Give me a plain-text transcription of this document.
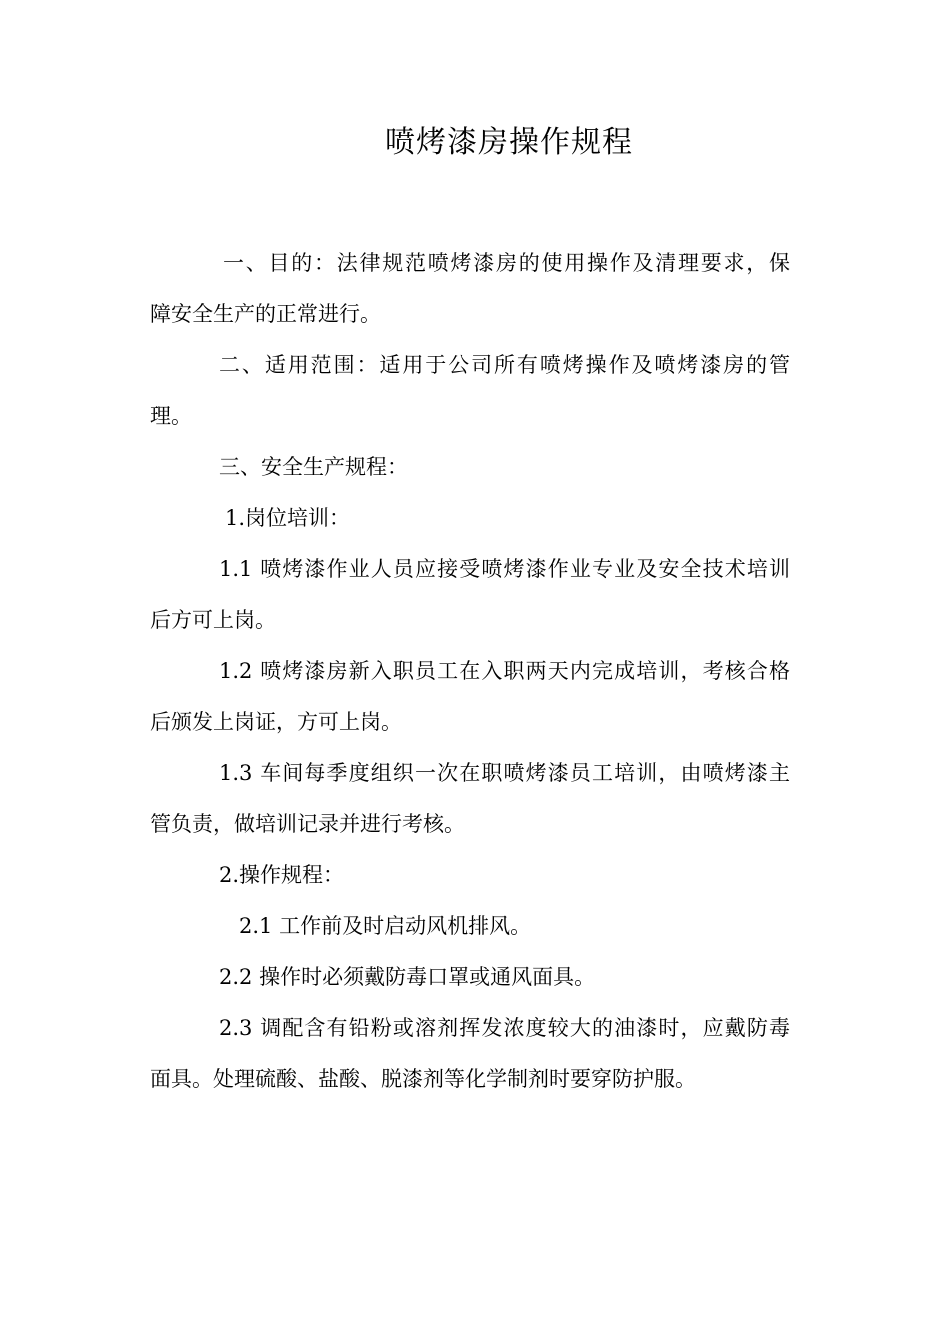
喷烤漆房操作规程
一、目的：法律规范喷烤漆房的使用操作及清理要求，保
障安全生产的正常进行。
二、适用范围：适用于公司所有喷烤操作及喷烤漆房的管
理。
三、安全生产规程：
1.岗位培训：
1.1 喷烤漆作业人员应接受喷烤漆作业专业及安全技术培训
后方可上岗。
1.2 喷烤漆房新入职员工在入职两天内完成培训，考核合格
后颁发上岗证，方可上岗。
1.3 车间每季度组织一次在职喷烤漆员工培训，由喷烤漆主
管负责，做培训记录并进行考核。
2.操作规程：
2.1 工作前及时启动风机排风。
2.2 操作时必须戴防毒口罩或通风面具。
2.3 调配含有铅粉或溶剂挥发浓度较大的油漆时，应戴防毒
面具。处理硫酸、盐酸、脱漆剂等化学制剂时要穿防护服。
